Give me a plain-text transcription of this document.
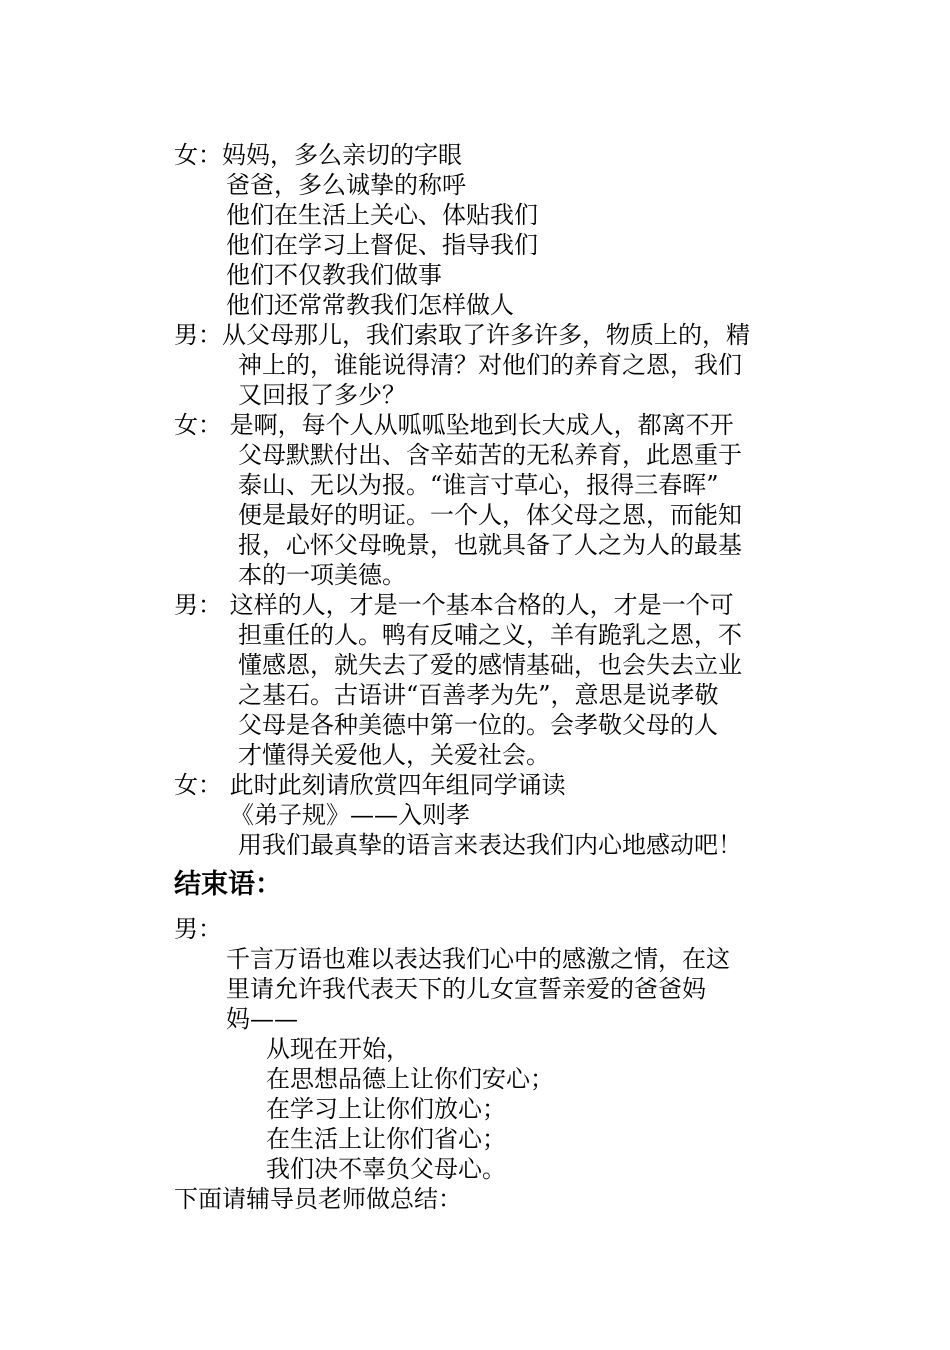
女：妈妈，多么亲切的字眼

爸爸，多么诚挚的称呼

他们在生活上关心、体贴我们

他们在学习上督促、指导我们

他们不仅教我们做事

他们还常常教我们怎样做人

男：从父母那儿，我们索取了许多许多，物质上的，精

神上的，谁能说得清？对他们的养育之恩，我们

又回报了多少？

女： 是啊，每个人从呱呱坠地到长大成人，都离不开

父母默默付出、含辛茹苦的无私养育，此恩重于

泰山、无以为报。“谁言寸草心，报得三春晖”

便是最好的明证。一个人，体父母之恩，而能知

报，心怀父母晚景，也就具备了人之为人的最基

本的一项美德。

男： 这样的人，才是一个基本合格的人，才是一个可

担重任的人。鸭有反哺之义，羊有跪乳之恩，不

懂感恩，就失去了爱的感情基础，也会失去立业

之基石。古语讲“百善孝为先”，意思是说孝敬

父母是各种美德中第一位的。会孝敬父母的人

才懂得关爱他人，关爱社会。

女： 此时此刻请欣赏四年组同学诵读

《弟子规》——入则孝

用我们最真挚的语言来表达我们内心地感动吧！

结束语：

男：

千言万语也难以表达我们心中的感激之情，在这

里请允许我代表天下的儿女宣誓亲爱的爸爸妈

妈——

从现在开始，

在思想品德上让你们安心；

在学习上让你们放心；

在生活上让你们省心；

我们决不辜负父母心。

下面请辅导员老师做总结：
